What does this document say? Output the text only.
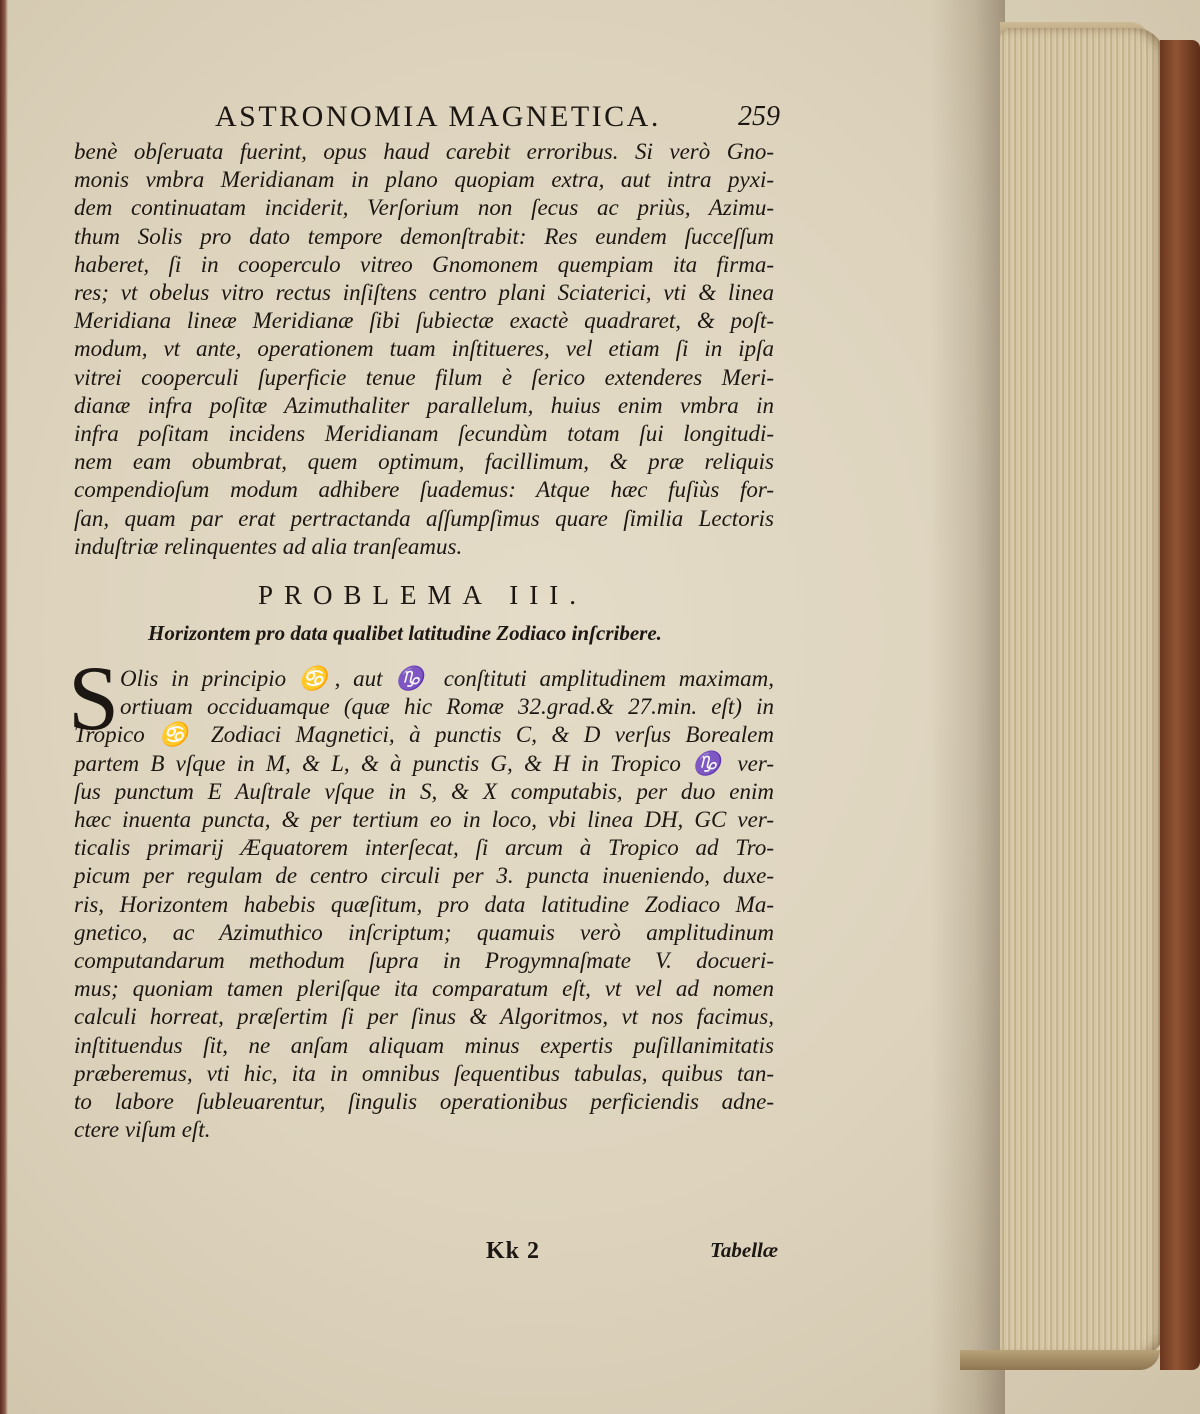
ASTRONOMIA MAGNETICA.	259
benè obſeruata fuerint, opus haud carebit erroribus. Si verò Gno-
monis vmbra Meridianam in plano quopiam extra, aut intra pyxi-
dem continuatam inciderit, Verſorium non ſecus ac priùs, Azimu-
thum Solis pro dato tempore demonſtrabit: Res eundem ſucceſſum
haberet, ſi in cooperculo vitreo Gnomonem quempiam ita firma-
res; vt obelus vitro rectus inſiſtens centro plani Sciaterici, vti & linea
Meridiana lineæ Meridianæ ſibi ſubiectæ exactè quadraret, & poſt-
modum, vt ante, operationem tuam inſtitueres, vel etiam ſi in ipſa
vitrei cooperculi ſuperficie tenue filum è ſerico extenderes Meri-
dianæ infra poſitæ Azimuthaliter parallelum, huius enim vmbra in
infra poſitam incidens Meridianam ſecundùm totam ſui longitudi-
nem eam obumbrat, quem optimum, facillimum, & præ reliquis
compendioſum modum adhibere ſuademus: Atque hæc fuſiùs for-
ſan, quam par erat pertractanda aſſumpſimus quare ſimilia Lectoris
induſtriæ relinquentes ad alia tranſeamus.
PROBLEMA III.
Horizontem pro data qualibet latitudine Zodiaco inſcribere.
S Olis in principio ♋, aut ♑ conſtituti amplitudinem maximam,
ortiuam occiduamque (quæ hic Romæ 32.grad.& 27.min. eſt) in
Tropico ♋ Zodiaci Magnetici, à punctis C, & D verſus Borealem
partem B vſque in M, & L, & à punctis G, & H in Tropico ♑ ver-
ſus punctum E Auſtrale vſque in S, & X computabis, per duo enim
hæc inuenta puncta, & per tertium eo in loco, vbi linea DH, GC ver-
ticalis primarij Æquatorem interſecat, ſi arcum à Tropico ad Tro-
picum per regulam de centro circuli per 3. puncta inueniendo, duxe-
ris, Horizontem habebis quæſitum, pro data latitudine Zodiaco Ma-
gnetico, ac Azimuthico inſcriptum; quamuis verò amplitudinum
computandarum methodum ſupra in Progymnaſmate V. docueri-
mus; quoniam tamen pleriſque ita comparatum eſt, vt vel ad nomen
calculi horreat, præſertim ſi per ſinus & Algoritmos, vt nos facimus,
inſtituendus ſit, ne anſam aliquam minus expertis puſillanimitatis
præberemus, vti hic, ita in omnibus ſequentibus tabulas, quibus tan-
to labore ſubleuarentur, ſingulis operationibus perficiendis adne-
ctere viſum eſt.
Kk 2	Tabellæ
